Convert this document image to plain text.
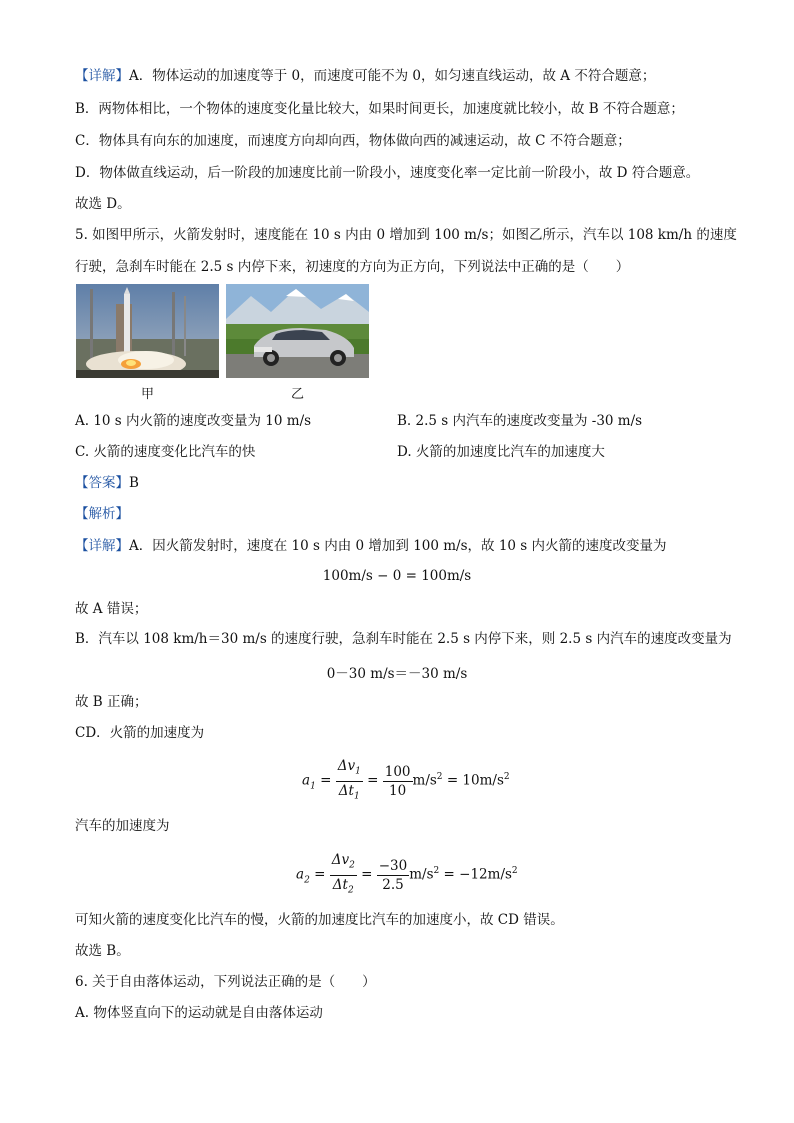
【详解】A．物体运动的加速度等于 0，而速度可能不为 0，如匀速直线运动，故 A 不符合题意；
B．两物体相比，一个物体的速度变化量比较大，如果时间更长，加速度就比较小，故 B 不符合题意；
C．物体具有向东的加速度，而速度方向却向西，物体做向西的减速运动，故 C 不符合题意；
D．物体做直线运动，后一阶段的加速度比前一阶段小，速度变化率一定比前一阶段小，故 D 符合题意。
故选 D。
5. 如图甲所示，火箭发射时，速度能在 10 s 内由 0 增加到 100 m/s；如图乙所示，汽车以 108 km/h 的速度
行驶，急刹车时能在 2.5 s 内停下来，初速度的方向为正方向，下列说法中正确的是（　　）
甲	乙
A. 10 s 内火箭的速度改变量为 10 m/s	B. 2.5 s 内汽车的速度改变量为 -30 m/s
C. 火箭的速度变化比汽车的快	D. 火箭的加速度比汽车的加速度大
【答案】B
【解析】
【详解】A．因火箭发射时，速度在 10 s 内由 0 增加到 100 m/s，故 10 s 内火箭的速度改变量为
100m/s − 0 = 100m/s
故 A 错误；
B．汽车以 108 km/h＝30 m/s 的速度行驶，急刹车时能在 2.5 s 内停下来，则 2.5 s 内汽车的速度改变量为
0－30 m/s＝－30 m/s
故 B 正确；
CD．火箭的加速度为
$a_1 = \frac{\Delta v_1}{\Delta t_1} = \frac{100}{10} m/s^2 = 10m/s^2$
汽车的加速度为
$a_2 = \frac{\Delta v_2}{\Delta t_2} = \frac{-30}{2.5} m/s^2 = -12m/s^2$
可知火箭的速度变化比汽车的慢，火箭的加速度比汽车的加速度小，故 CD 错误。
故选 B。
6. 关于自由落体运动，下列说法正确的是（　　）
A. 物体竖直向下的运动就是自由落体运动
